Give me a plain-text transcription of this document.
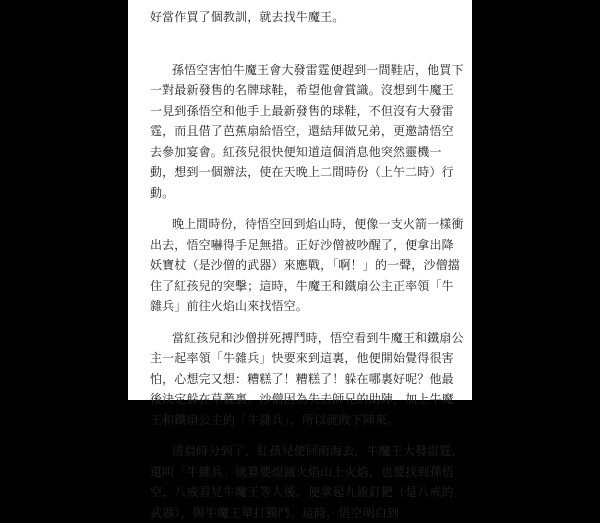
好當作買了個教訓，就去找牛魔王。

孫悟空害怕牛魔王會大發雷霆便趕到一間鞋店，他買下一對最新發售的名牌球鞋，希望他會賞識。沒想到牛魔王一見到孫悟空和他手上最新發售的球鞋，不但沒有大發雷霆，而且借了芭蕉扇給悟空，還結拜做兄弟，更邀請悟空去參加宴會。紅孩兒很快便知道這個消息他突然靈機一動，想到一個辦法，使在天晚上二間時份（上午二時）行動。

晚上間時份，待悟空回到焰山時，便像一支火箭一樣衝出去，悟空嚇得手足無措。正好沙僧被吵醒了，便拿出降妖寶杖（是沙僧的武器）來應戰，「啊！」的一聲，沙僧擋住了紅孩兒的突擊；這時，牛魔王和鐵扇公主正率領「牛雜兵」前往火焰山來找悟空。

當紅孩兒和沙僧拼死搏鬥時，悟空看到牛魔王和鐵扇公主一起率領「牛雜兵」快要來到這裏，他便開始覺得很害怕，心想完又想：糟糕了！糟糕了！躲在哪裏好呢？他最後決定躲在草叢裏。沙僧因為失去師兄的助陣，加上牛魔王和鐵扇公主的「牛雜兵」，所以就敗下陣來。

清晨時分到了，紅孩兒便回南海去，牛魔王大發雷霆，還叫「牛雜兵」就算要熄滅火焰山上火焰，也要找到孫悟空，八戒看見牛魔王等人後，便拿起九齒釘耙（是八戒的武器），與牛魔王單打獨鬥。這時，悟空明白到
